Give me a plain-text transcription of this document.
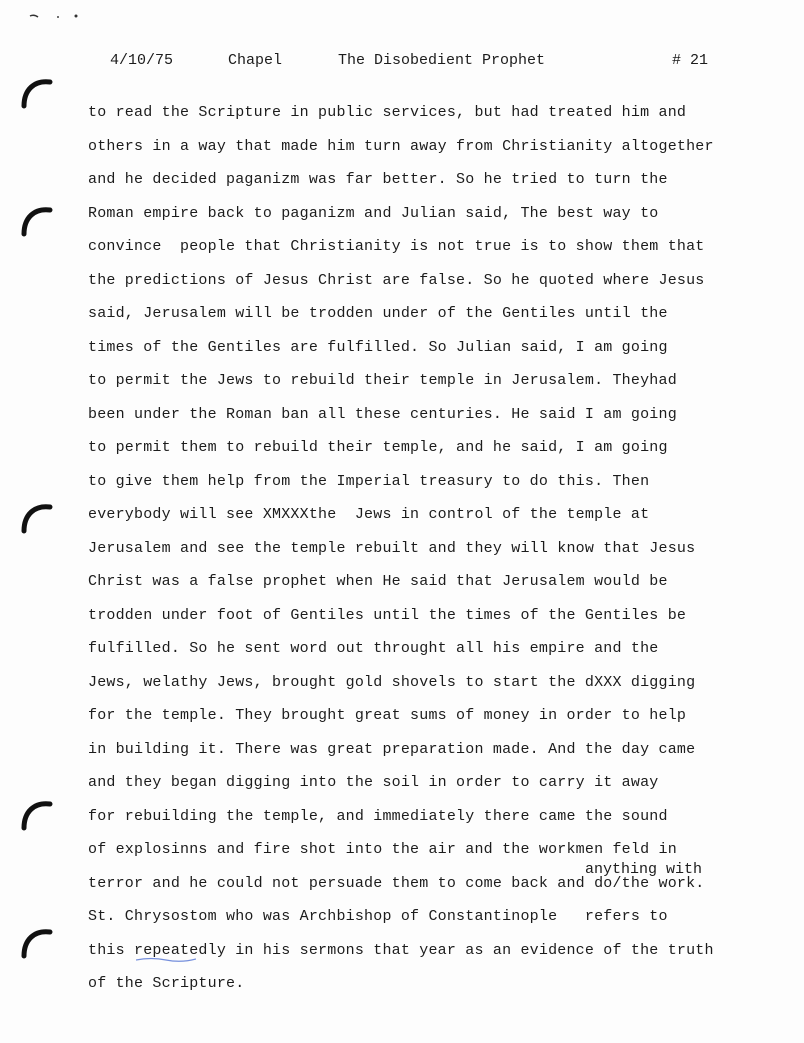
4/10/75	Chapel	The Disobedient Prophet	# 21
to read the Scripture in public services, but had treated him and
others in a way that made him turn away from Christianity altogether
and he decided paganizm was far better. So he tried to turn the
Roman empire back to paganizm and Julian said, The best way to
convince  people that Christianity is not true is to show them that
the predictions of Jesus Christ are false. So he quoted where Jesus
said, Jerusalem will be trodden under of the Gentiles until the
times of the Gentiles are fulfilled. So Julian said, I am going
to permit the Jews to rebuild their temple in Jerusalem. Theyhad
been under the Roman ban all these centuries. He said I am going
to permit them to rebuild their temple, and he said, I am going
to give them help from the Imperial treasury to do this. Then
everybody will see XMXXXthe  Jews in control of the temple at
Jerusalem and see the temple rebuilt and they will know that Jesus
Christ was a false prophet when He said that Jerusalem would be
trodden under foot of Gentiles until the times of the Gentiles be
fulfilled. So he sent word out throught all his empire and the
Jews, welathy Jews, brought gold shovels to start the dXXX digging
for the temple. They brought great sums of money in order to help
in building it. There was great preparation made. And the day came
and they began digging into the soil in order to carry it away
for rebuilding the temple, and immediately there came the sound
of explosinns and fire shot into the air and the workmen feld in
terror and he could not persuade them to come back and do/the work.
St. Chrysostom who was Archbishop of Constantinople   refers to
this repeatedly in his sermons that year as an evidence of the truth
of the Scripture.
anything with
